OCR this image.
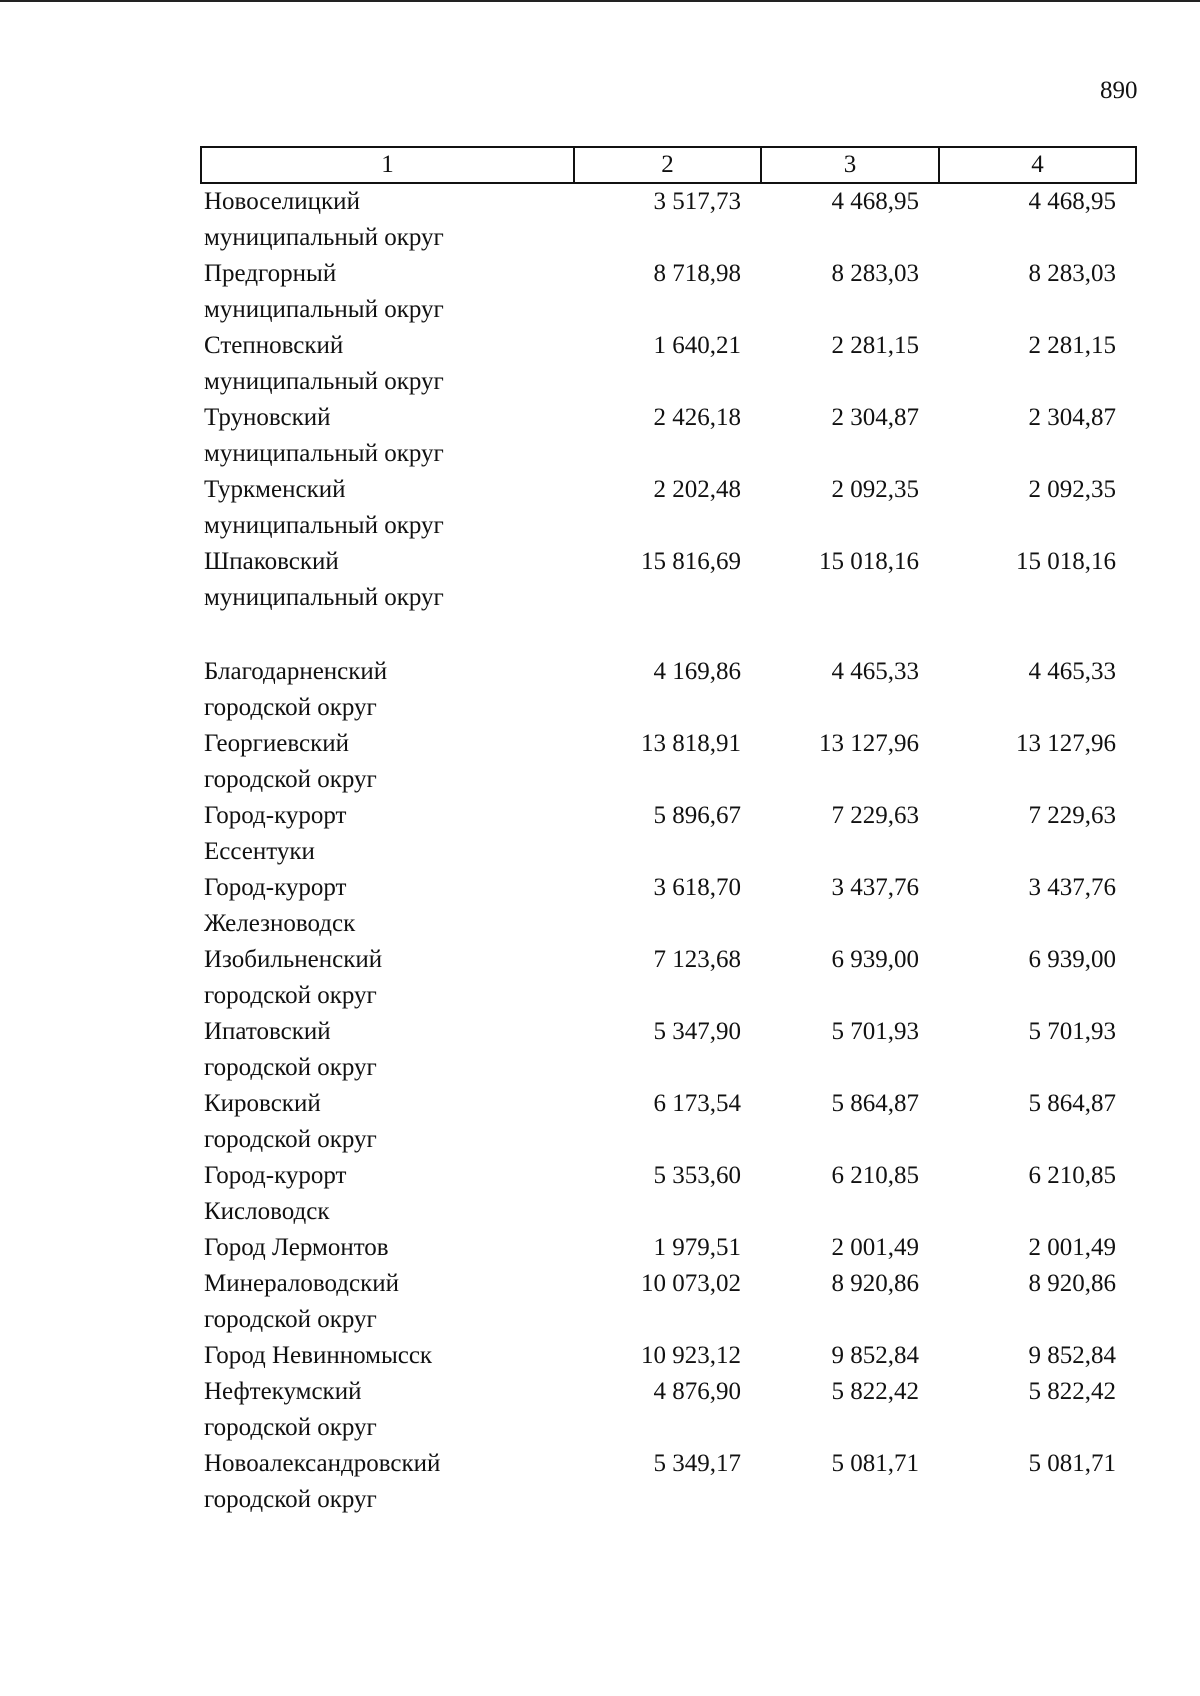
890
1	2	3	4

Новоселицкий
муниципальный округ	3 517,73	4 468,95	4 468,95

Предгорный
муниципальный округ	8 718,98	8 283,03	8 283,03

Степновский
муниципальный округ	1 640,21	2 281,15	2 281,15

Труновский
муниципальный округ	2 426,18	2 304,87	2 304,87

Туркменский
муниципальный округ	2 202,48	2 092,35	2 092,35

Шпаковский
муниципальный округ	15 816,69	15 018,16	15 018,16

Благодарненский
городской округ	4 169,86	4 465,33	4 465,33

Георгиевский
городской округ	13 818,91	13 127,96	13 127,96

Город-курорт
Ессентуки	5 896,67	7 229,63	7 229,63

Город-курорт
Железноводск	3 618,70	3 437,76	3 437,76

Изобильненский
городской округ	7 123,68	6 939,00	6 939,00

Ипатовский
городской округ	5 347,90	5 701,93	5 701,93

Кировский
городской округ	6 173,54	5 864,87	5 864,87

Город-курорт
Кисловодск	5 353,60	6 210,85	6 210,85

Город Лермонтов	1 979,51	2 001,49	2 001,49

Минераловодский
городской округ	10 073,02	8 920,86	8 920,86

Город Невинномысск	10 923,12	9 852,84	9 852,84

Нефтекумский
городской округ	4 876,90	5 822,42	5 822,42

Новоалександровский
городской округ	5 349,17	5 081,71	5 081,71
